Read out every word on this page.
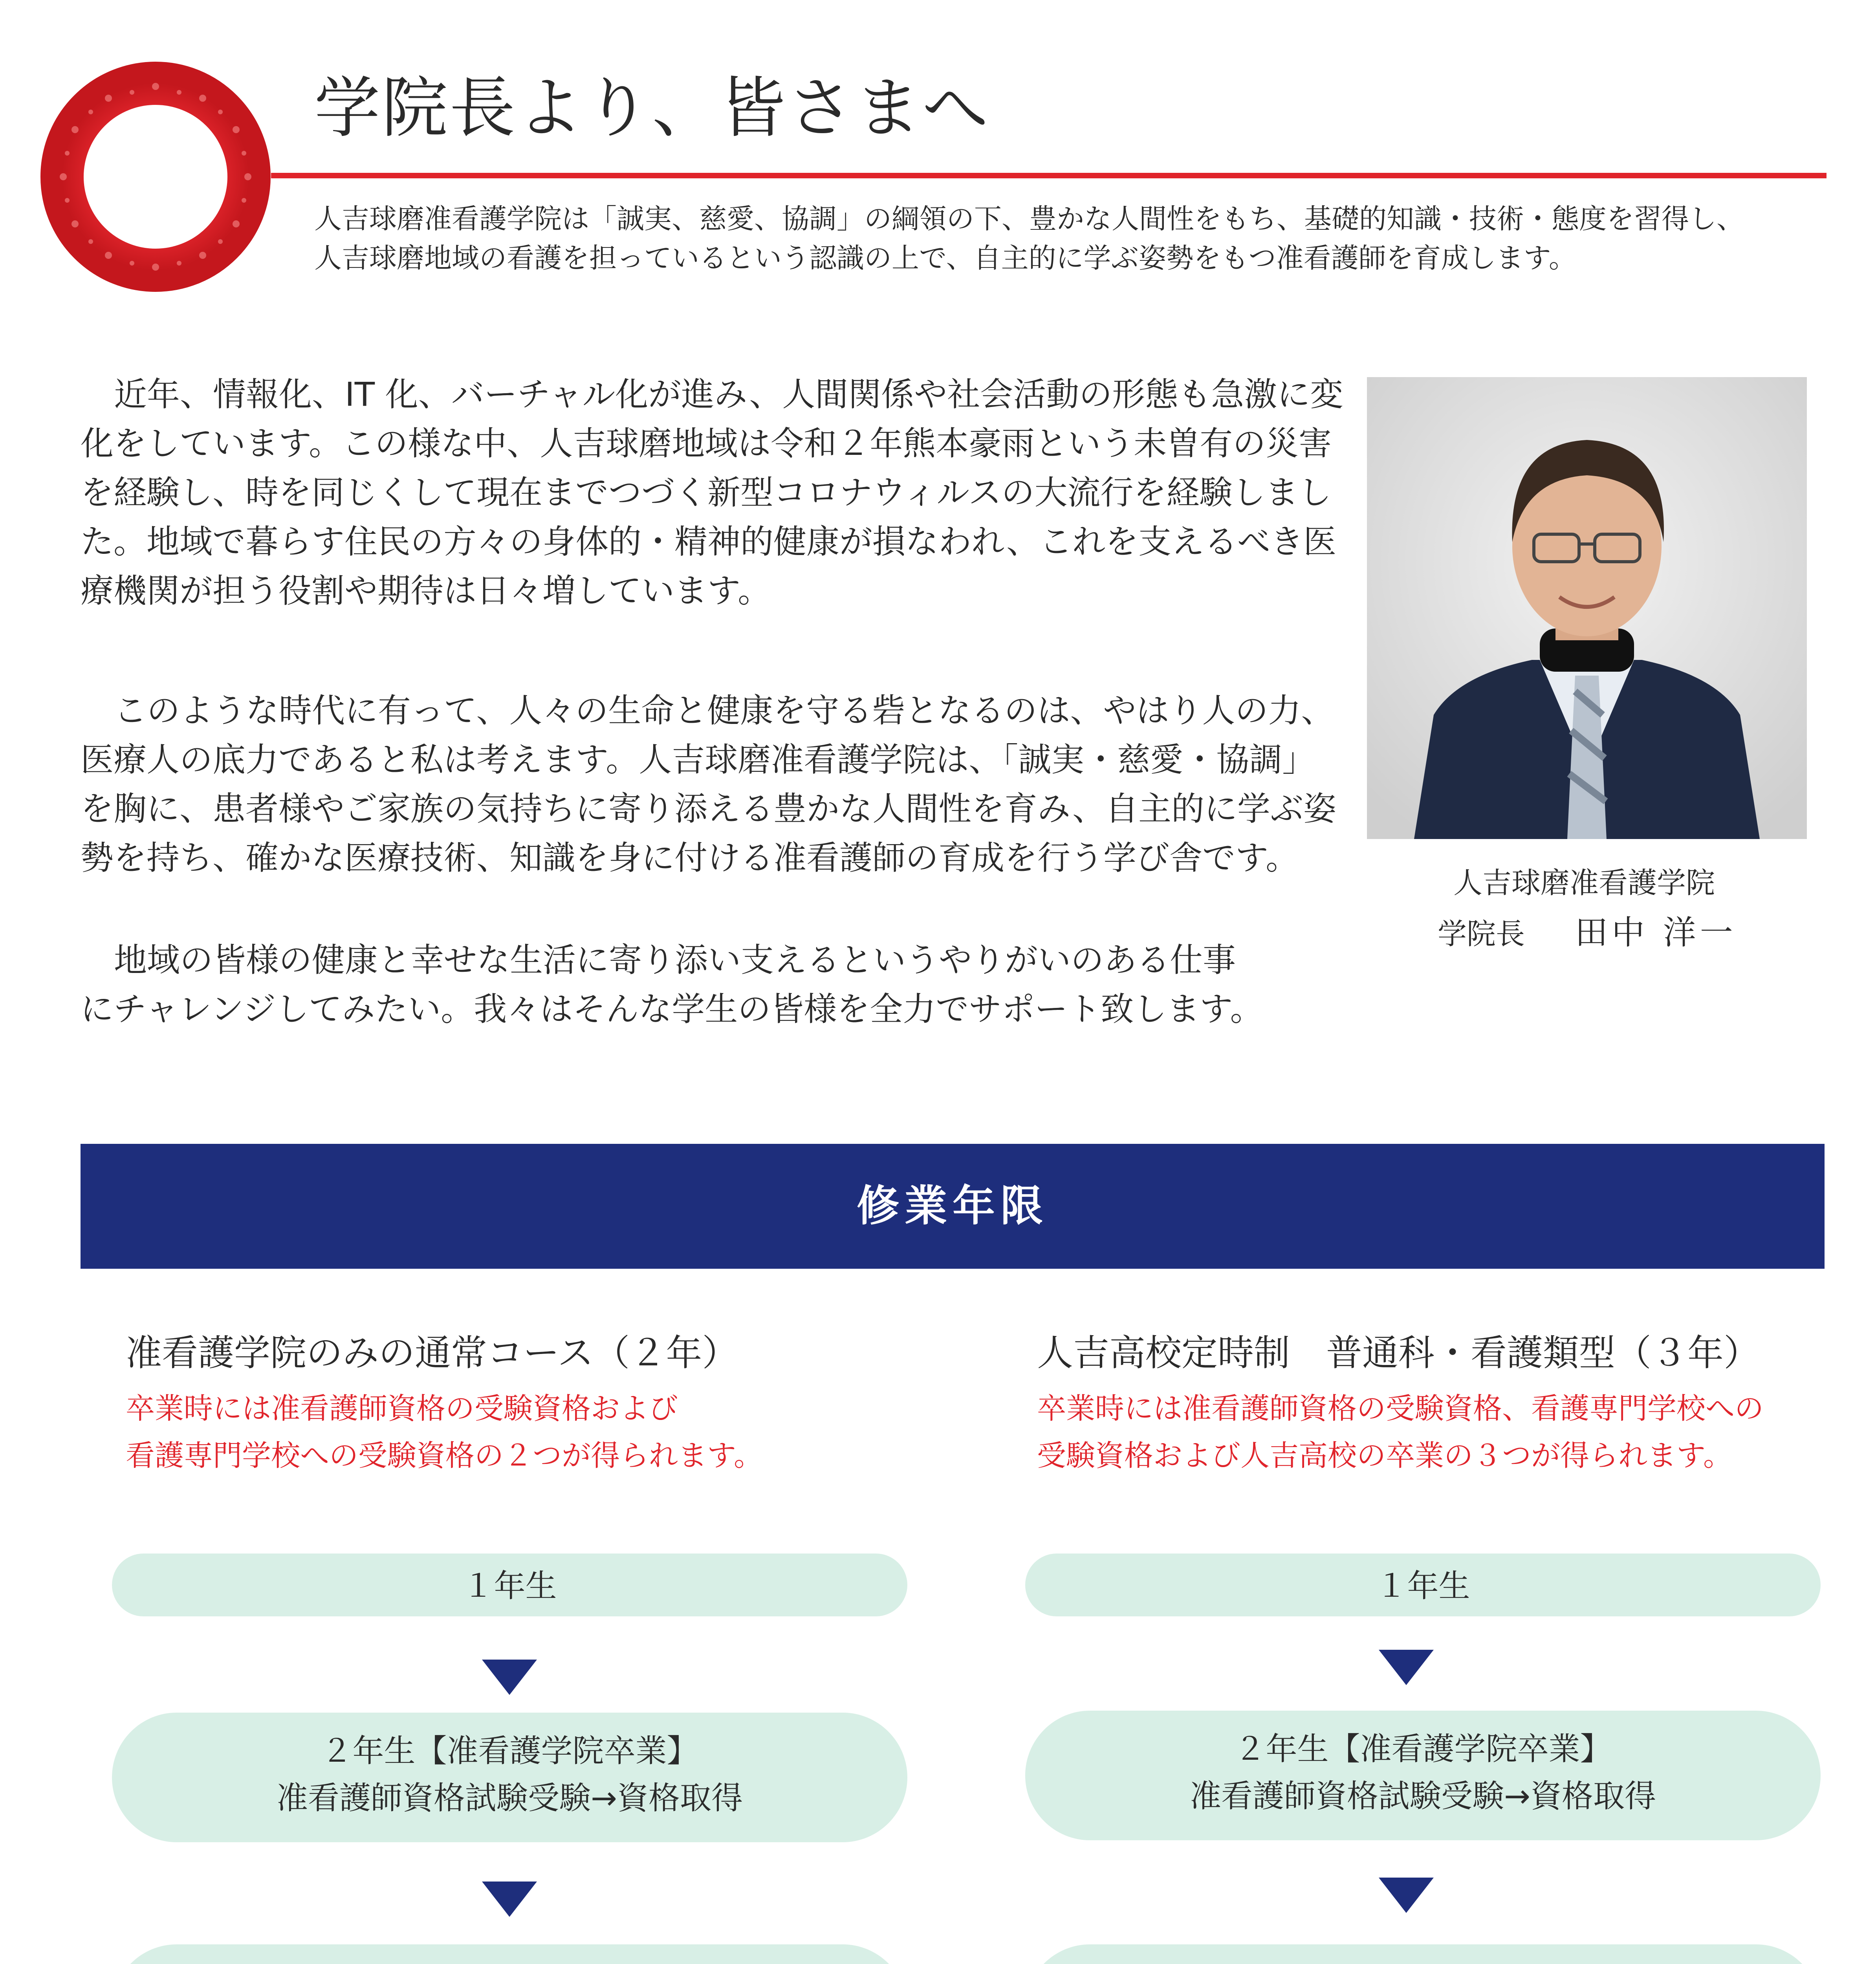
学院長より、皆さまへ
人吉球磨准看護学院は「誠実、慈愛、協調」の綱領の下、豊かな人間性をもち、基礎的知識・技術・態度を習得し、
人吉球磨地域の看護を担っているという認識の上で、自主的に学ぶ姿勢をもつ准看護師を育成します。
近年、情報化、IT 化、バーチャル化が進み、人間関係や社会活動の形態も急激に変
化をしています。この様な中、人吉球磨地域は令和２年熊本豪雨という未曽有の災害
を経験し、時を同じくして現在までつづく新型コロナウィルスの大流行を経験しまし
た。地域で暮らす住民の方々の身体的・精神的健康が損なわれ、これを支えるべき医
療機関が担う役割や期待は日々増しています。
このような時代に有って、人々の生命と健康を守る砦となるのは、やはり人の力、
医療人の底力であると私は考えます。人吉球磨准看護学院は、「誠実・慈愛・協調」
を胸に、患者様やご家族の気持ちに寄り添える豊かな人間性を育み、自主的に学ぶ姿
勢を持ち、確かな医療技術、知識を身に付ける准看護師の育成を行う学び舎です。
地域の皆様の健康と幸せな生活に寄り添い支えるというやりがいのある仕事
にチャレンジしてみたい。我々はそんな学生の皆様を全力でサポート致します。
人吉球磨准看護学院
学院長 田中 洋一
修業年限
准看護学院のみの通常コース（２年）
卒業時には准看護師資格の受験資格および
看護専門学校への受験資格の２つが得られます。
１年生
２年生【准看護学院卒業】
准看護師資格試験受験→資格取得
人吉高校定時制　普通科・看護類型（３年）
卒業時には准看護師資格の受験資格、看護専門学校への
受験資格および人吉高校の卒業の３つが得られます。
１年生
２年生【准看護学院卒業】
准看護師資格試験受験→資格取得
